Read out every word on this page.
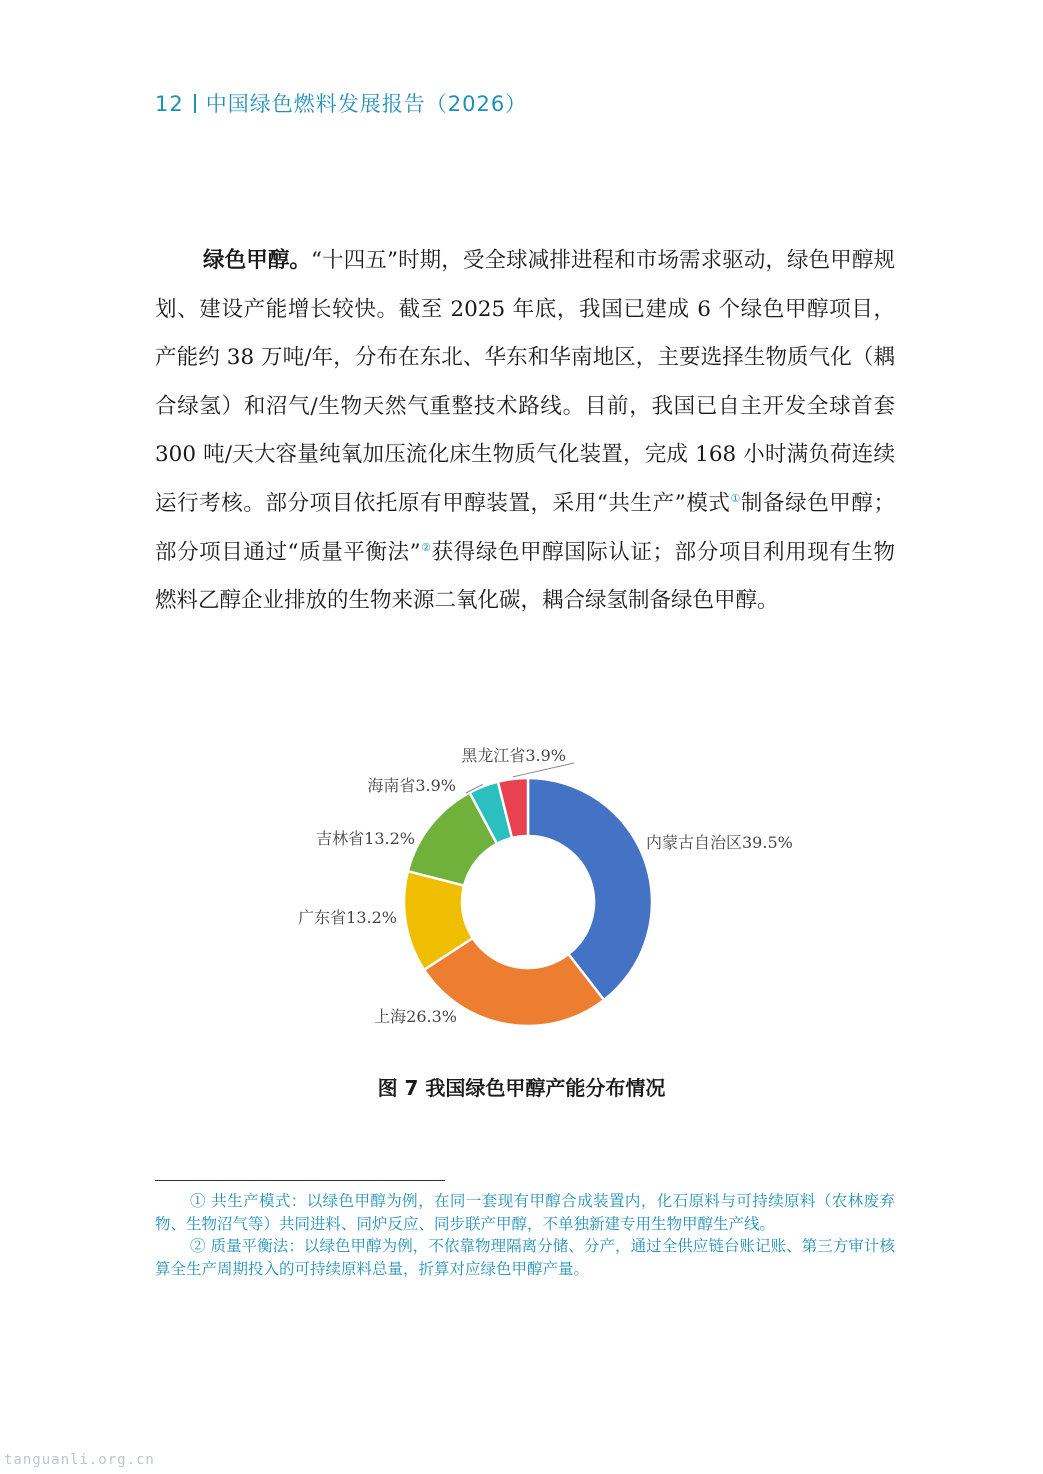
12 中国绿色燃料发展报告（2026）

绿色甲醇。“十四五”时期，受全球减排进程和市场需求驱动，绿色甲醇规划、建设产能增长较快。截至 2025 年底，我国已建成 6 个绿色甲醇项目，产能约 38 万吨/年，分布在东北、华东和华南地区，主要选择生物质气化（耦合绿氢）和沼气/生物天然气重整技术路线。目前，我国已自主开发全球首套 300 吨/天大容量纯氧加压流化床生物质气化装置，完成 168 小时满负荷连续运行考核。部分项目依托原有甲醇装置，采用“共生产”模式①制备绿色甲醇；部分项目通过“质量平衡法”②获得绿色甲醇国际认证；部分项目利用现有生物燃料乙醇企业排放的生物来源二氧化碳，耦合绿氢制备绿色甲醇。

内蒙古自治区39.5%
上海26.3%
广东省13.2%
吉林省13.2%
海南省3.9%
黑龙江省3.9%
图 7 我国绿色甲醇产能分布情况

① 共生产模式：以绿色甲醇为例，在同一套现有甲醇合成装置内，化石原料与可持续原料（农林废弃物、生物沼气等）共同进料、同炉反应、同步联产甲醇，不单独新建专用生物甲醇生产线。

② 质量平衡法：以绿色甲醇为例，不依靠物理隔离分储、分产，通过全供应链台账记账、第三方审计核算全生产周期投入的可持续原料总量，折算对应绿色甲醇产量。

tanguanli.org.cn
